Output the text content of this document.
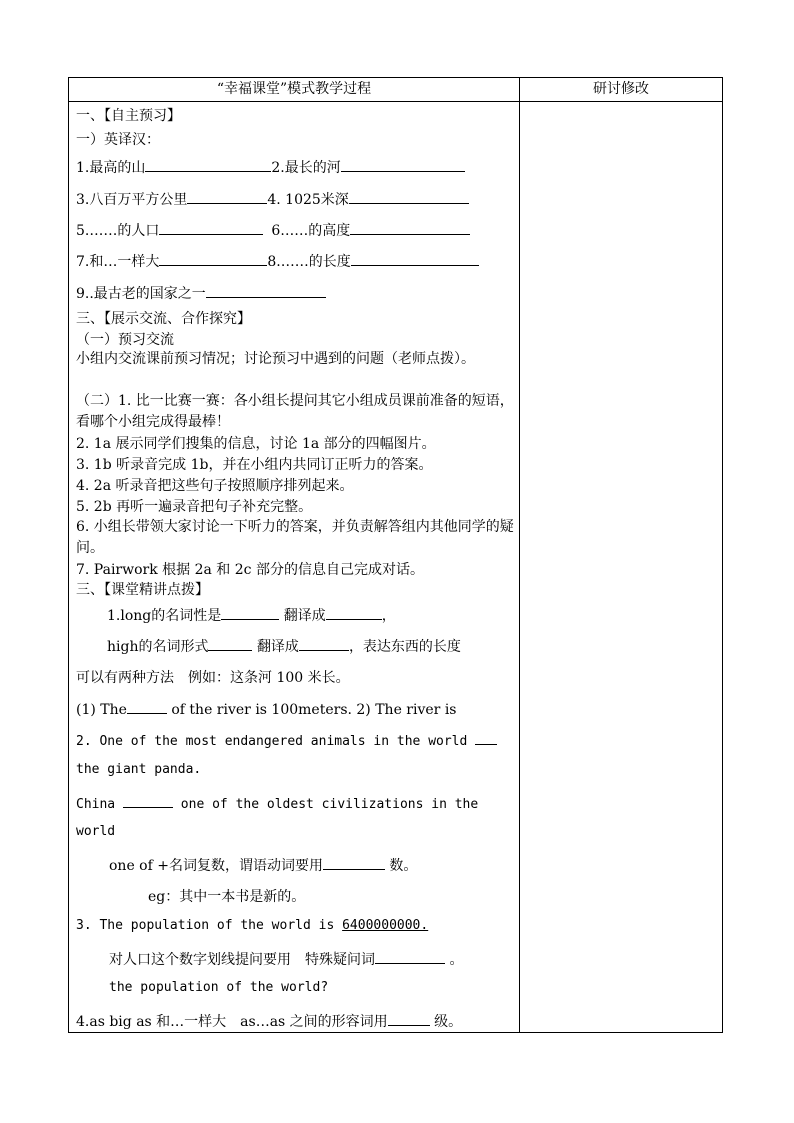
“幸福课堂”模式教学过程	研讨修改
一、【自主预习】
一）英译汉：
1.最高的山	2.最长的河
3.八百万平方公里	4. 1025米深
5.……的人口	6……的高度
7.和…一样大	8.……的长度
9..最古老的国家之一
三、【展示交流、合作探究】
（一）预习交流
小组内交流课前预习情况；讨论预习中遇到的问题（老师点拨）。
（二）1. 比一比赛一赛：各小组长提问其它小组成员课前准备的短语，看哪个小组完成得最棒！
2. 1a 展示同学们搜集的信息，讨论 1a 部分的四幅图片。
3. 1b 听录音完成 1b，并在小组内共同订正听力的答案。
4. 2a 听录音把这些句子按照顺序排列起来。
5. 2b 再听一遍录音把句子补充完整。
6. 小组长带领大家讨论一下听力的答案，并负责解答组内其他同学的疑问。
7. Pairwork 根据 2a 和 2c 部分的信息自己完成对话。
三、【课堂精讲点拨】
1.long的名词性是	翻译成	，
high的名词形式	翻译成	，表达东西的长度
可以有两种方法　例如：这条河 100 米长。
(1) The	of the river is 100meters. 2) The river is
2. One of the most endangered animals in the world
the giant panda.
China	one of the oldest civilizations in the
world
one of +名词复数，谓语动词要用	数。
eg：其中一本书是新的。
3. The population of the world is 6400000000.
对人口这个数字划线提问要用　特殊疑问词	。
the population of the world?
4.as big as 和…一样大　as…as 之间的形容词用	级。
